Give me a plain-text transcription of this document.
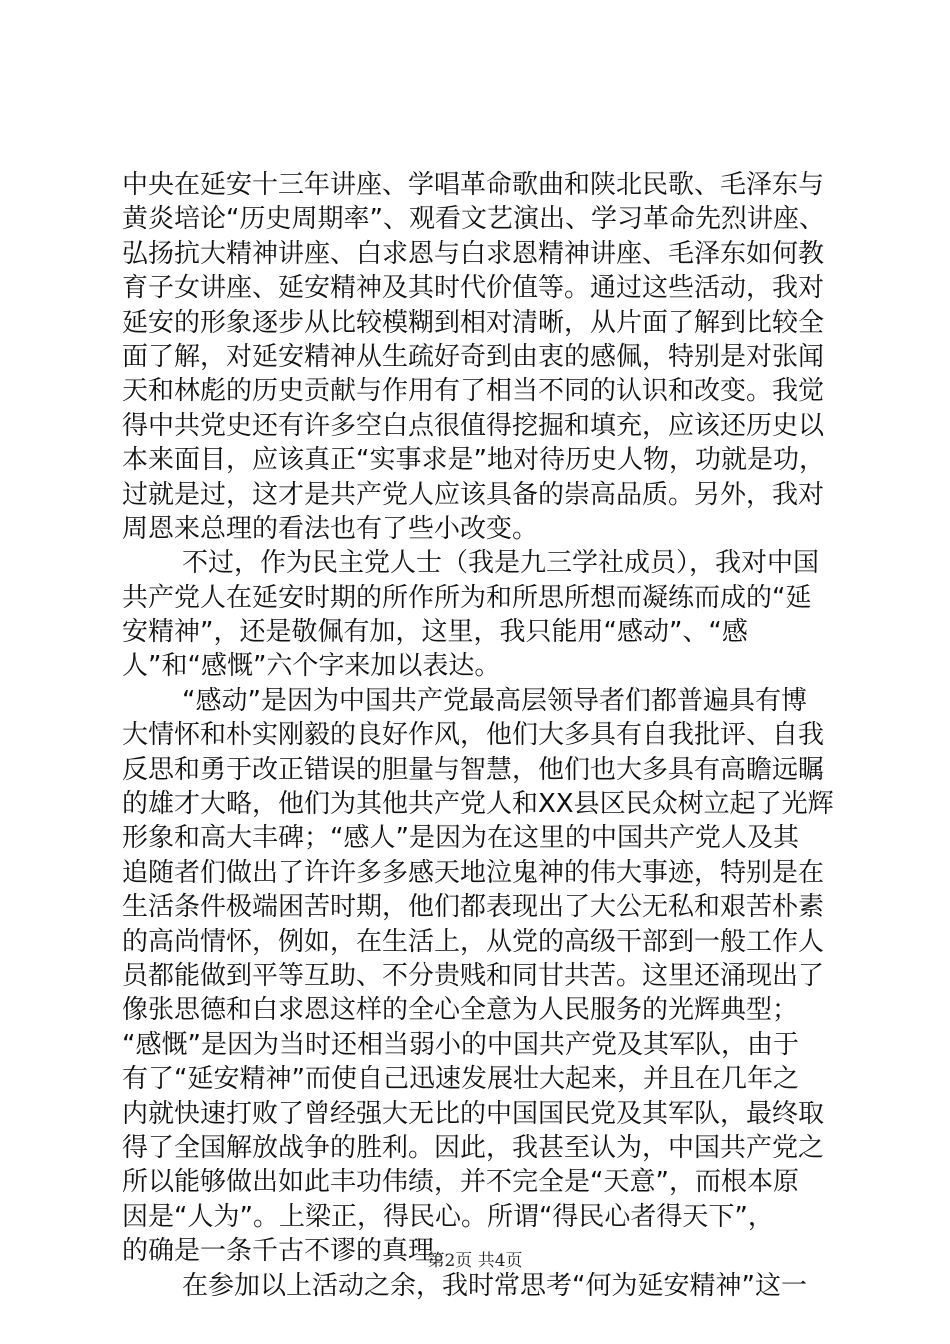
中央在延安十三年讲座、学唱革命歌曲和陕北民歌、毛泽东与
黄炎培论“历史周期率”、观看文艺演出、学习革命先烈讲座、
弘扬抗大精神讲座、白求恩与白求恩精神讲座、毛泽东如何教
育子女讲座、延安精神及其时代价值等。通过这些活动，我对
延安的形象逐步从比较模糊到相对清晰，从片面了解到比较全
面了解，对延安精神从生疏好奇到由衷的感佩，特别是对张闻
天和林彪的历史贡献与作用有了相当不同的认识和改变。我觉
得中共党史还有许多空白点很值得挖掘和填充，应该还历史以
本来面目，应该真正“实事求是”地对待历史人物，功就是功，
过就是过，这才是共产党人应该具备的崇高品质。另外，我对
周恩来总理的看法也有了些小改变。
不过，作为民主党人士（我是九三学社成员），我对中国
共产党人在延安时期的所作所为和所思所想而凝练而成的“延
安精神”，还是敬佩有加，这里，我只能用“感动”、“感
人”和“感慨”六个字来加以表达。
“感动”是因为中国共产党最高层领导者们都普遍具有博
大情怀和朴实刚毅的良好作风，他们大多具有自我批评、自我
反思和勇于改正错误的胆量与智慧，他们也大多具有高瞻远瞩
的雄才大略，他们为其他共产党人和XX县区民众树立起了光辉
形象和高大丰碑；“感人”是因为在这里的中国共产党人及其
追随者们做出了许许多多感天地泣鬼神的伟大事迹，特别是在
生活条件极端困苦时期，他们都表现出了大公无私和艰苦朴素
的高尚情怀，例如，在生活上，从党的高级干部到一般工作人
员都能做到平等互助、不分贵贱和同甘共苦。这里还涌现出了
像张思德和白求恩这样的全心全意为人民服务的光辉典型；
“感慨”是因为当时还相当弱小的中国共产党及其军队，由于
有了“延安精神”而使自己迅速发展壮大起来，并且在几年之
内就快速打败了曾经强大无比的中国国民党及其军队，最终取
得了全国解放战争的胜利。因此，我甚至认为，中国共产党之
所以能够做出如此丰功伟绩，并不完全是“天意”，而根本原
因是“人为”。上梁正，得民心。所谓“得民心者得天下”，
的确是一条千古不谬的真理。
在参加以上活动之余，我时常思考“何为延安精神”这一
第2页 共4页
